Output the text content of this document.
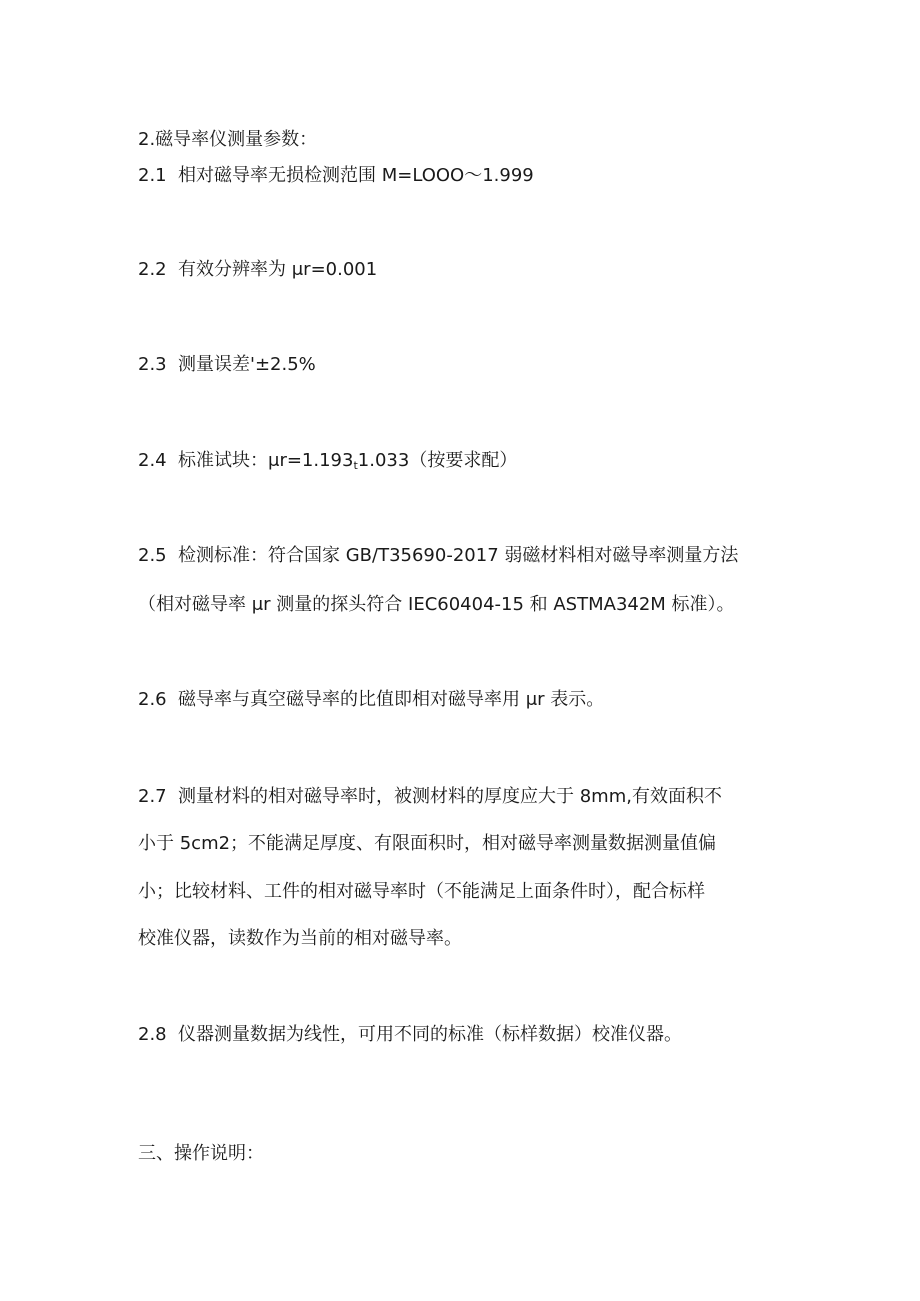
2.磁导率仪测量参数：
2.1 相对磁导率无损检测范围 M=LOOO〜1.999
2.2 有效分辨率为 μr=0.001
2.3 测量误差'±2.5%
2.4 标准试块：$\mu r=1.193_t1.033$（按要求配）
2.5 检测标准：符合国家 GB/T35690-2017 弱磁材料相对磁导率测量方法
（相对磁导率 μr 测量的探头符合 IEC60404-15 和 ASTMA342M 标准）。
2.6 磁导率与真空磁导率的比值即相对磁导率用 μr 表示。
2.7 测量材料的相对磁导率时，被测材料的厚度应大于 8mm,有效面积不
小于 5cm2；不能满足厚度、有限面积时，相对磁导率测量数据测量值偏
小；比较材料、工件的相对磁导率时（不能满足上面条件时），配合标样
校准仪器，读数作为当前的相对磁导率。
2.8 仪器测量数据为线性，可用不同的标准（标样数据）校准仪器。
三、操作说明：
